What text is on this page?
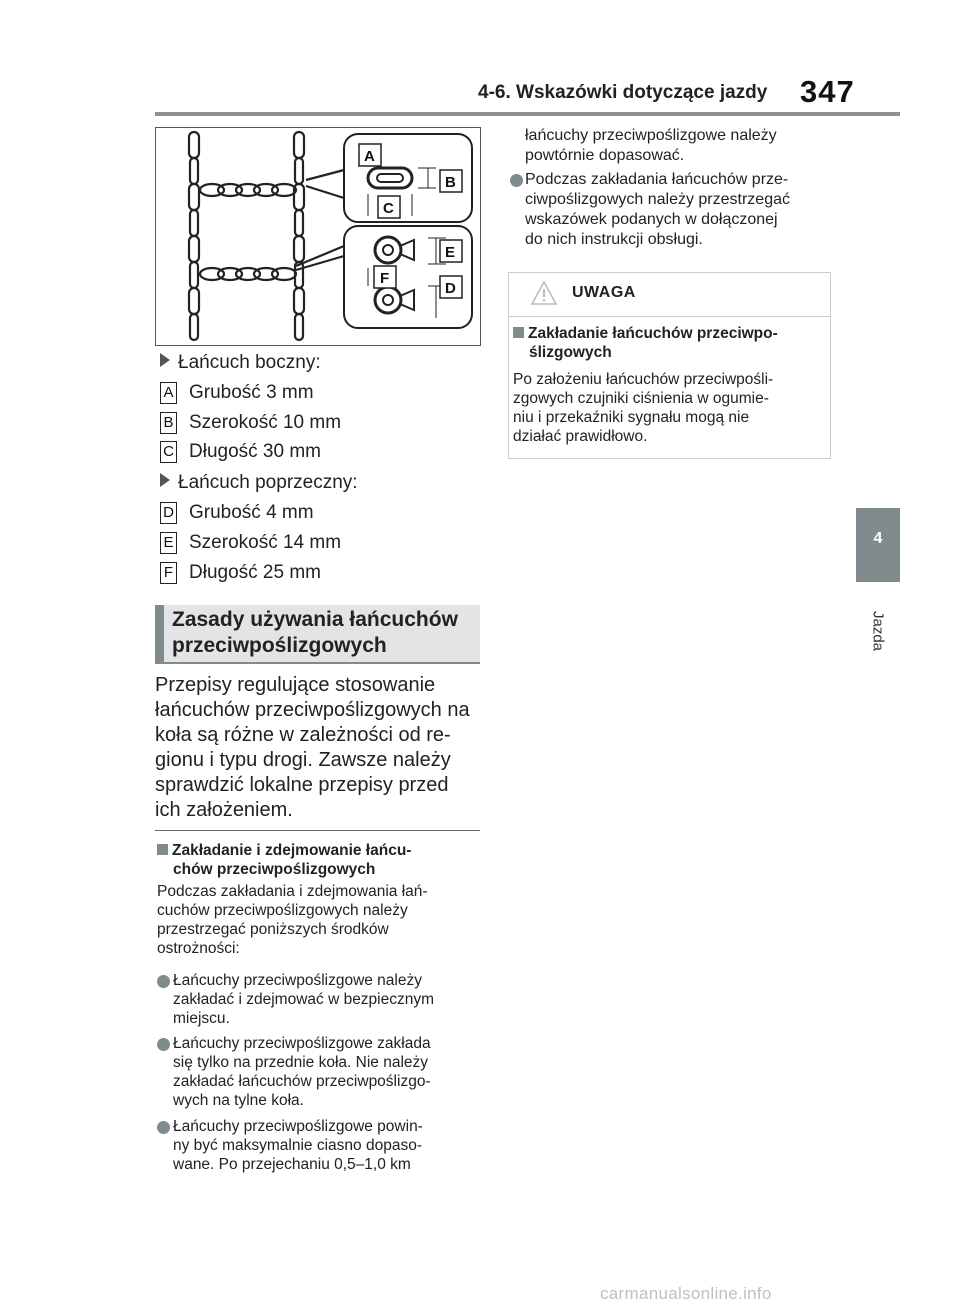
4-6. Wskazówki dotyczące jazdy 347
4
Jazda
A
B
C
D
E
F
Łańcuch boczny:
A Grubość 3 mm
B Szerokość 10 mm
C Długość 30 mm
Łańcuch poprzeczny:
D Grubość 4 mm
E Szerokość 14 mm
F Długość 25 mm
Zasady używania łańcuchów
przeciwpoślizgowych
Przepisy regulujące stosowanie
łańcuchów przeciwpoślizgowych na
koła są różne w zależności od re-
gionu i typu drogi. Zawsze należy
sprawdzić lokalne przepisy przed
ich założeniem.
Zakładanie i zdejmowanie łańcu-
chów przeciwpoślizgowych
Podczas zakładania i zdejmowania łań-
cuchów przeciwpoślizgowych należy
przestrzegać poniższych środków
ostrożności:
Łańcuchy przeciwpoślizgowe należy
zakładać i zdejmować w bezpiecznym
miejscu.
Łańcuchy przeciwpoślizgowe zakłada
się tylko na przednie koła. Nie należy
zakładać łańcuchów przeciwpoślizgo-
wych na tylne koła.
Łańcuchy przeciwpoślizgowe powin-
ny być maksymalnie ciasno dopaso-
wane. Po przejechaniu 0,5–1,0 km
łańcuchy przeciwpoślizgowe należy
powtórnie dopasować.
Podczas zakładania łańcuchów prze-
ciwpoślizgowych należy przestrzegać
wskazówek podanych w dołączonej
do nich instrukcji obsługi.
UWAGA
Zakładanie łańcuchów przeciwpo-
ślizgowych
Po założeniu łańcuchów przeciwpośli-
zgowych czujniki ciśnienia w ogumie-
niu i przekaźniki sygnału mogą nie
działać prawidłowo.
carmanualsonline.info
